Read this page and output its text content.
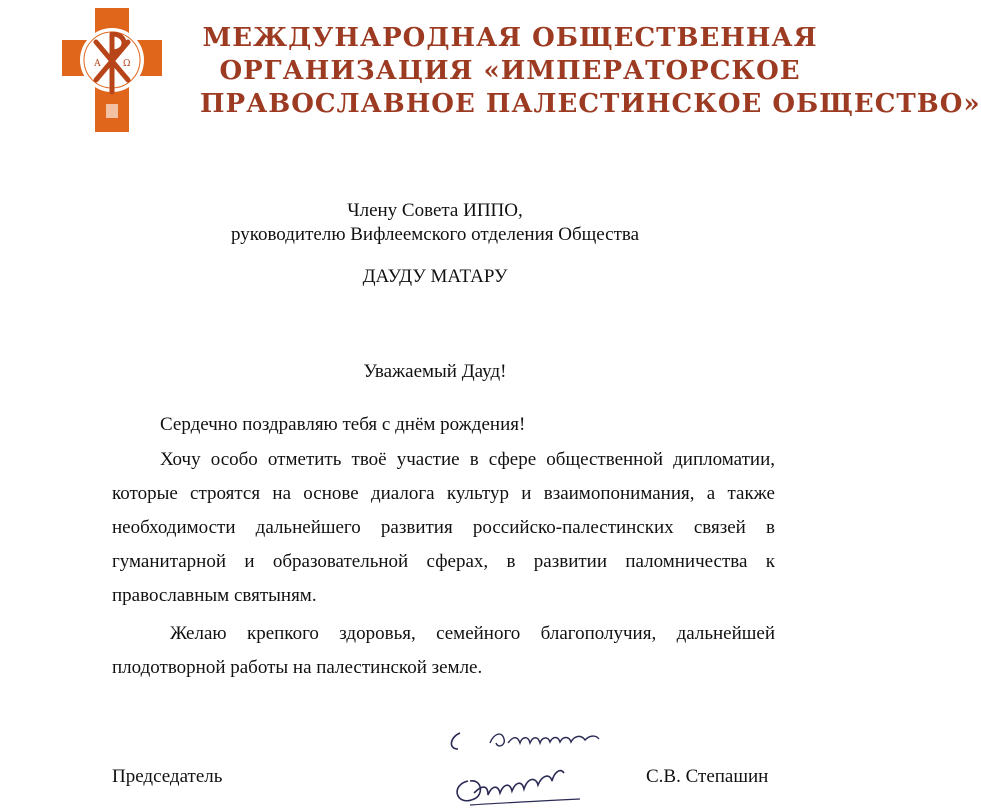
А Ω
МЕЖДУНАРОДНАЯ ОБЩЕСТВЕННАЯ
ОРГАНИЗАЦИЯ «ИМПЕРАТОРСКОЕ
ПРАВОСЛАВНОЕ ПАЛЕСТИНСКОЕ ОБЩЕСТВО»
Члену Совета ИППО,
руководителю Вифлеемского отделения Общества
ДАУДУ МАТАРУ
Уважаемый Дауд!
Сердечно поздравляю тебя с днём рождения!
Хочу особо отметить твоё участие в сфере общественной дипломатии,
которые строятся на основе диалога культур и взаимопонимания, а также
необходимости дальнейшего развития российско-палестинских связей в
гуманитарной и образовательной сферах, в развитии паломничества к
православным святыням.
Желаю крепкого здоровья, семейного благополучия, дальнейшей
плодотворной работы на палестинской земле.
Председатель	С.В. Степашин
